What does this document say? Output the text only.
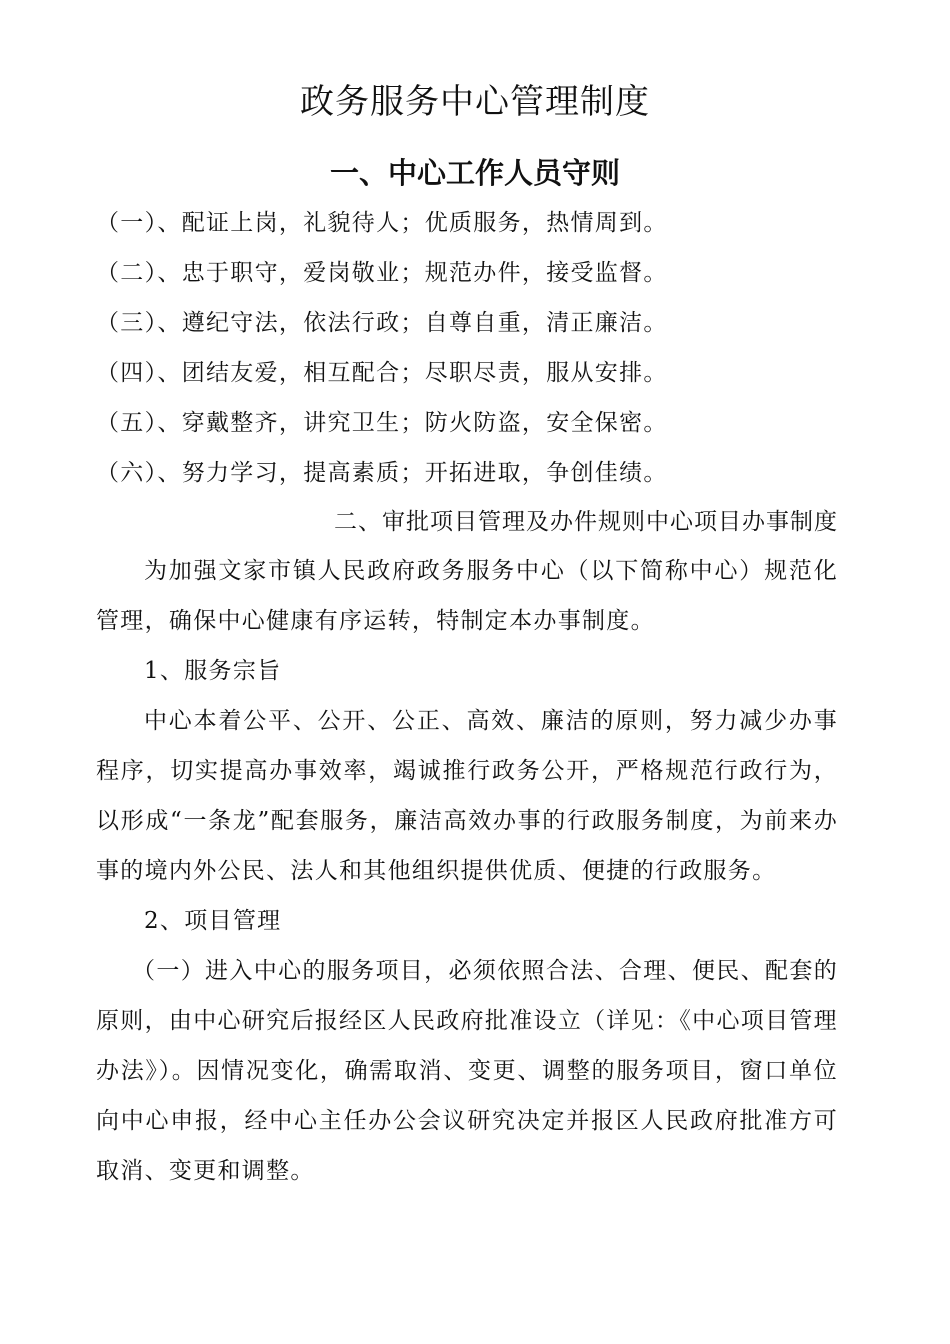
政务服务中心管理制度
一、中心工作人员守则
（一）、配证上岗，礼貌待人；优质服务，热情周到。
（二）、忠于职守，爱岗敬业；规范办件，接受监督。
（三）、遵纪守法，依法行政；自尊自重，清正廉洁。
（四）、团结友爱，相互配合；尽职尽责，服从安排。
（五）、穿戴整齐，讲究卫生；防火防盗，安全保密。
（六）、努力学习，提高素质；开拓进取，争创佳绩。
二、审批项目管理及办件规则中心项目办事制度

为加强文家市镇人民政府政务服务中心（以下简称中心）规范化管理，确保中心健康有序运转，特制定本办事制度。

1、服务宗旨

中心本着公平、公开、公正、高效、廉洁的原则，努力减少办事程序，切实提高办事效率，竭诚推行政务公开，严格规范行政行为，以形成“一条龙”配套服务，廉洁高效办事的行政服务制度，为前来办事的境内外公民、法人和其他组织提供优质、便捷的行政服务。

2、项目管理

（一）进入中心的服务项目，必须依照合法、合理、便民、配套的原则，由中心研究后报经区人民政府批准设立（详见：《中心项目管理办法》）。因情况变化，确需取消、变更、调整的服务项目，窗口单位向中心申报，经中心主任办公会议研究决定并报区人民政府批准方可取消、变更和调整。
